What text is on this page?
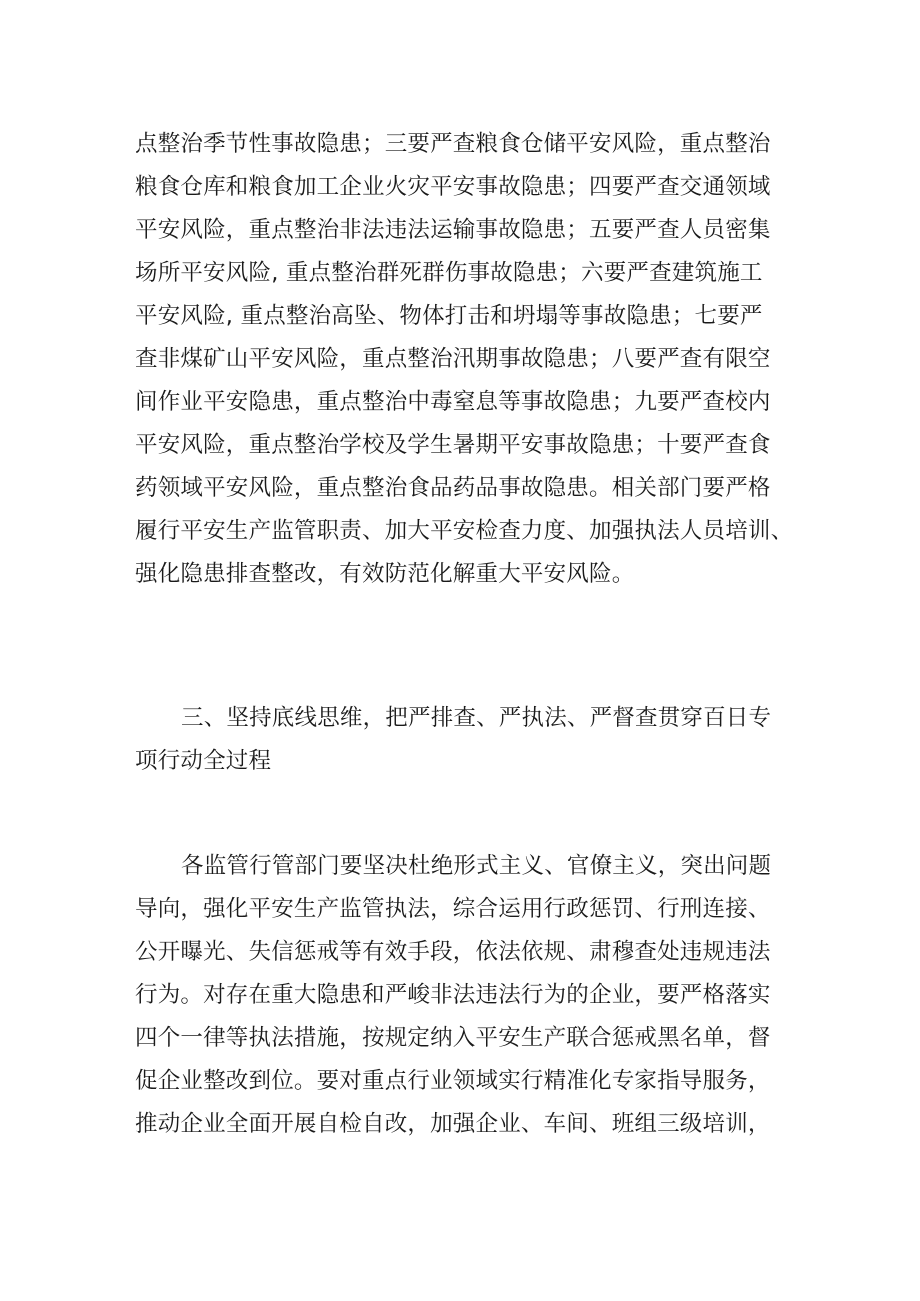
点整治季节性事故隐患；三要严查粮食仓储平安风险，重点整治
粮食仓库和粮食加工企业火灾平安事故隐患；四要严查交通领域
平安风险，重点整治非法违法运输事故隐患；五要严查人员密集
场所平安风险, 重点整治群死群伤事故隐患；六要严查建筑施工
平安风险, 重点整治高坠、物体打击和坍塌等事故隐患；七要严
查非煤矿山平安风险，重点整治汛期事故隐患；八要严查有限空
间作业平安隐患，重点整治中毒窒息等事故隐患；九要严查校内
平安风险，重点整治学校及学生暑期平安事故隐患；十要严查食
药领域平安风险，重点整治食品药品事故隐患。相关部门要严格
履行平安生产监管职责、加大平安检查力度、加强执法人员培训、
强化隐患排查整改，有效防范化解重大平安风险。
三、坚持底线思维，把严排查、严执法、严督查贯穿百日专
项行动全过程
各监管行管部门要坚决杜绝形式主义、官僚主义，突出问题
导向，强化平安生产监管执法，综合运用行政惩罚、行刑连接、
公开曝光、失信惩戒等有效手段，依法依规、肃穆查处违规违法
行为。对存在重大隐患和严峻非法违法行为的企业，要严格落实
四个一律等执法措施，按规定纳入平安生产联合惩戒黑名单，督
促企业整改到位。要对重点行业领域实行精准化专家指导服务，
推动企业全面开展自检自改，加强企业、车间、班组三级培训，
